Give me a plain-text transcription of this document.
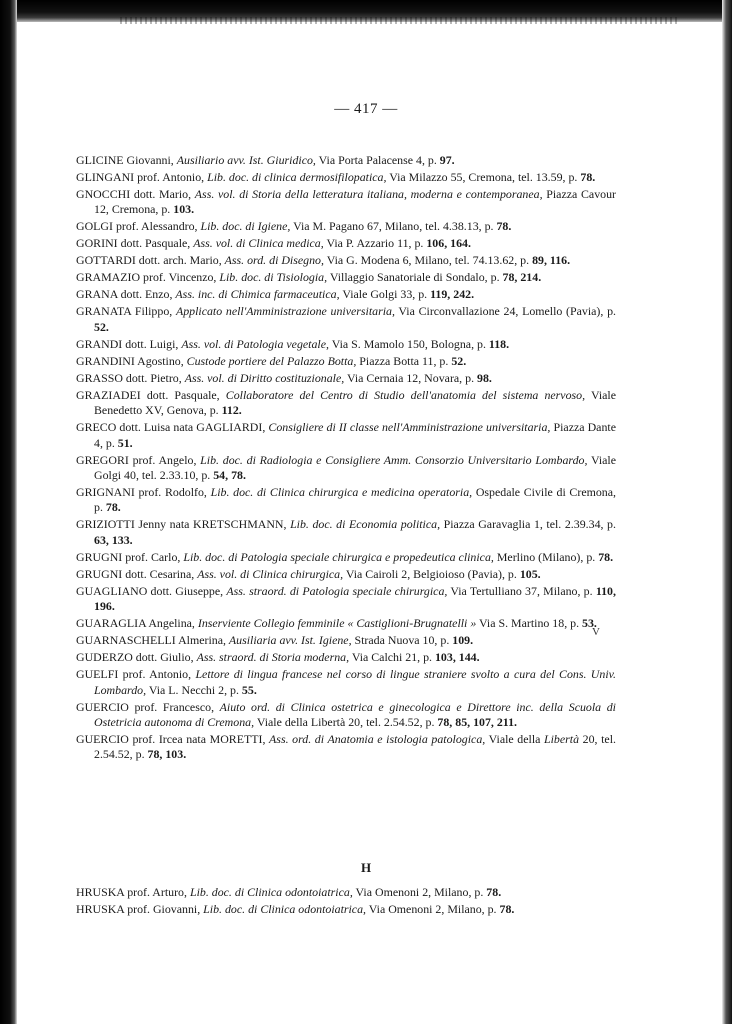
— 417 —

GLICINE Giovanni, Ausiliario avv. Ist. Giuridico, Via Porta Palacense 4, p. 97.

GLINGANI prof. Antonio, Lib. doc. di clinica dermosifilopatica, Via Milazzo 55, Cremona, tel. 13.59, p. 78.

GNOCCHI dott. Mario, Ass. vol. di Storia della letteratura italiana, moderna e contemporanea, Piazza Cavour 12, Cremona, p. 103.

GOLGI prof. Alessandro, Lib. doc. di Igiene, Via M. Pagano 67, Milano, tel. 4.38.13, p. 78.

GORINI dott. Pasquale, Ass. vol. di Clinica medica, Via P. Azzario 11, p. 106, 164.

GOTTARDI dott. arch. Mario, Ass. ord. di Disegno, Via G. Modena 6, Milano, tel. 74.13.62, p. 89, 116.

GRAMAZIO prof. Vincenzo, Lib. doc. di Tisiologia, Villaggio Sanatoriale di Sondalo, p. 78, 214.

GRANA dott. Enzo, Ass. inc. di Chimica farmaceutica, Viale Golgi 33, p. 119, 242.

GRANATA Filippo, Applicato nell'Amministrazione universitaria, Via Circonvallazione 24, Lomello (Pavia), p. 52.

GRANDI dott. Luigi, Ass. vol. di Patologia vegetale, Via S. Mamolo 150, Bologna, p. 118.

GRANDINI Agostino, Custode portiere del Palazzo Botta, Piazza Botta 11, p. 52.

GRASSO dott. Pietro, Ass. vol. di Diritto costituzionale, Via Cernaia 12, Novara, p. 98.

GRAZIADEI dott. Pasquale, Collaboratore del Centro di Studio dell'anatomia del sistema nervoso, Viale Benedetto XV, Genova, p. 112.

GRECO dott. Luisa nata GAGLIARDI, Consigliere di II classe nell'Amministrazione universitaria, Piazza Dante 4, p. 51.

GREGORI prof. Angelo, Lib. doc. di Radiologia e Consigliere Amm. Consorzio Universitario Lombardo, Viale Golgi 40, tel. 2.33.10, p. 54, 78.

GRIGNANI prof. Rodolfo, Lib. doc. di Clinica chirurgica e medicina operatoria, Ospedale Civile di Cremona, p. 78.

GRIZIOTTI Jenny nata KRETSCHMANN, Lib. doc. di Economia politica, Piazza Garavaglia 1, tel. 2.39.34, p. 63, 133.

GRUGNI prof. Carlo, Lib. doc. di Patologia speciale chirurgica e propedeutica clinica, Merlino (Milano), p. 78.

GRUGNI dott. Cesarina, Ass. vol. di Clinica chirurgica, Via Cairoli 2, Belgioioso (Pavia), p. 105.

GUAGLIANO dott. Giuseppe, Ass. straord. di Patologia speciale chirurgica, Via Tertulliano 37, Milano, p. 110, 196.

GUARAGLIA Angelina, Inserviente Collegio femminile « Castiglioni-Brugnatelli » Via S. Martino 18, p. 53.

GUARNASCHELLI Almerina, Ausiliaria avv. Ist. Igiene, Strada Nuova 10, p. 109.

GUDERZO dott. Giulio, Ass. straord. di Storia moderna, Via Calchi 21, p. 103, 144.

GUELFI prof. Antonio, Lettore di lingua francese nel corso di lingue straniere svolto a cura del Cons. Univ. Lombardo, Via L. Necchi 2, p. 55.

GUERCIO prof. Francesco, Aiuto ord. di Clinica ostetrica e ginecologica e Direttore inc. della Scuola di Ostetricia autonoma di Cremona, Viale della Libertà 20, tel. 2.54.52, p. 78, 85, 107, 211.

GUERCIO prof. Ircea nata MORETTI, Ass. ord. di Anatomia e istologia patologica, Viale della Libertà 20, tel. 2.54.52, p. 78, 103.

V
H

HRUSKA prof. Arturo, Lib. doc. di Clinica odontoiatrica, Via Omenoni 2, Milano, p. 78.

HRUSKA prof. Giovanni, Lib. doc. di Clinica odontoiatrica, Via Omenoni 2, Milano, p. 78.
